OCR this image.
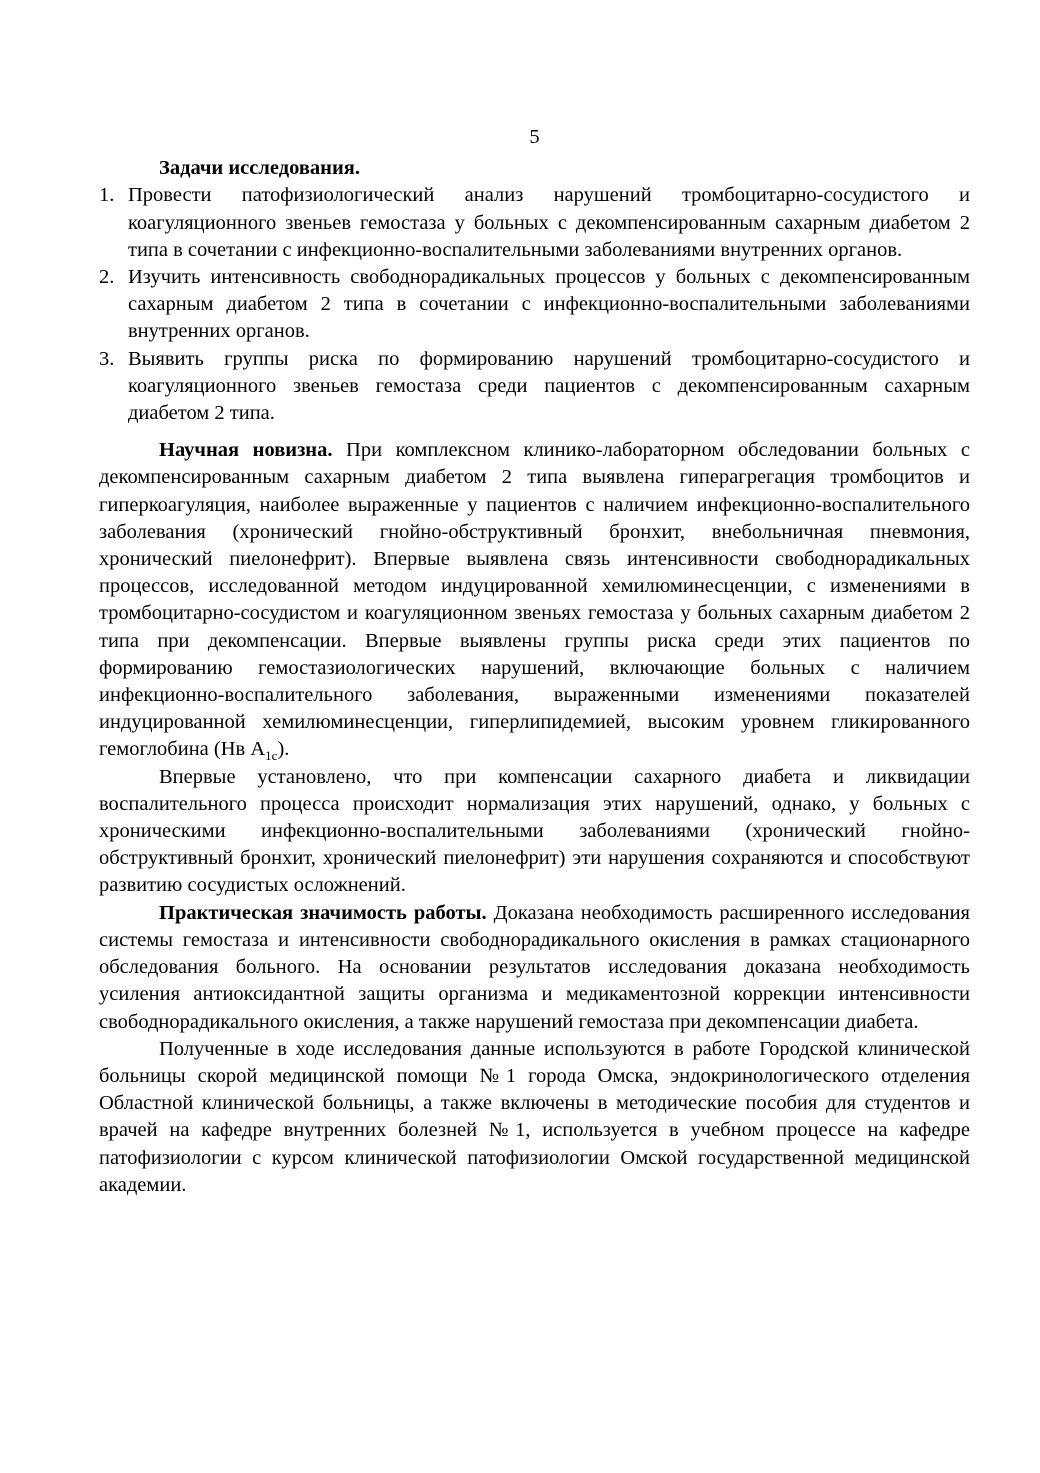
5
Задачи исследования.
1. Провести патофизиологический анализ нарушений тромбоцитарно-сосудистого и коагуляционного звеньев гемостаза у больных с декомпенсированным сахарным диабетом 2 типа в сочетании с инфекционно-воспалительными заболеваниями внутренних органов.
2. Изучить интенсивность свободнорадикальных процессов у больных с декомпенсированным сахарным диабетом 2 типа в сочетании с инфекционно-воспалительными заболеваниями внутренних органов.
3. Выявить группы риска по формированию нарушений тромбоцитарно-сосудистого и коагуляционного звеньев гемостаза среди пациентов с декомпенсированным сахарным диабетом 2 типа.

Научная новизна. При комплексном клинико-лабораторном обследовании больных с декомпенсированным сахарным диабетом 2 типа выявлена гиперагрегация тромбоцитов и гиперкоагуляция, наиболее выраженные у пациентов с наличием инфекционно-воспалительного заболевания (хронический гнойно-обструктивный бронхит, внебольничная пневмония, хронический пиелонефрит). Впервые выявлена связь интенсивности свободнорадикальных процессов, исследованной методом индуцированной хемилюминесценции, с изменениями в тромбоцитарно-сосудистом и коагуляционном звеньях гемостаза у больных сахарным диабетом 2 типа при декомпенсации. Впервые выявлены группы риска среди этих пациентов по формированию гемостазиологических нарушений, включающие больных с наличием инфекционно-воспалительного заболевания, выраженными изменениями показателей индуцированной хемилюминесценции, гиперлипидемией, высоким уровнем гликированного гемоглобина (Нв $А_{1c}$).

Впервые установлено, что при компенсации сахарного диабета и ликвидации воспалительного процесса происходит нормализация этих нарушений, однако, у больных с хроническими инфекционно-воспалительными заболеваниями (хронический гнойно-обструктивный бронхит, хронический пиелонефрит) эти нарушения сохраняются и способствуют развитию сосудистых осложнений.

Практическая значимость работы. Доказана необходимость расширенного исследования системы гемостаза и интенсивности свободнорадикального окисления в рамках стационарного обследования больного. На основании результатов исследования доказана необходимость усиления антиоксидантной защиты организма и медикаментозной коррекции интенсивности свободнорадикального окисления, а также нарушений гемостаза при декомпенсации диабета.

Полученные в ходе исследования данные используются в работе Городской клинической больницы скорой медицинской помощи №1 города Омска, эндокринологического отделения Областной клинической больницы, а также включены в методические пособия для студентов и врачей на кафедре внутренних болезней №1, используется в учебном процессе на кафедре патофизиологии с курсом клинической патофизиологии Омской государственной медицинской академии.
